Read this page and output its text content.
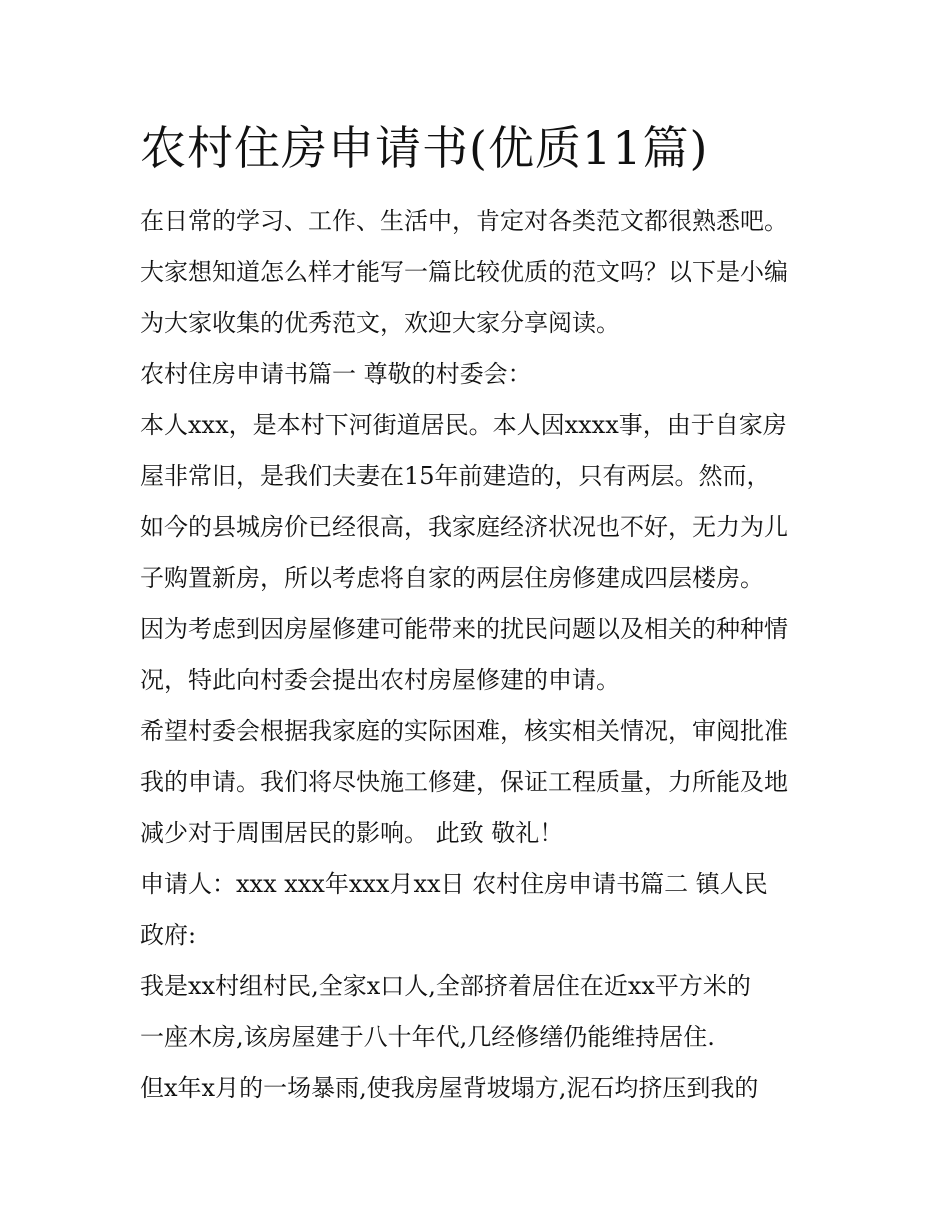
农村住房申请书(优质11篇)
在日常的学习、工作、生活中，肯定对各类范文都很熟悉吧。
大家想知道怎么样才能写一篇比较优质的范文吗？以下是小编
为大家收集的优秀范文，欢迎大家分享阅读。
农村住房申请书篇一 尊敬的村委会：
本人xxx，是本村下河街道居民。本人因xxxx事，由于自家房
屋非常旧，是我们夫妻在15年前建造的，只有两层。然而，
如今的县城房价已经很高，我家庭经济状况也不好，无力为儿
子购置新房，所以考虑将自家的两层住房修建成四层楼房。
因为考虑到因房屋修建可能带来的扰民问题以及相关的种种情
况，特此向村委会提出农村房屋修建的申请。
希望村委会根据我家庭的实际困难，核实相关情况，审阅批准
我的申请。我们将尽快施工修建，保证工程质量，力所能及地
减少对于周围居民的影响。 此致 敬礼！
申请人：xxx xxx年xxx月xx日 农村住房申请书篇二 镇人民
政府:
我是xx村组村民,全家x口人,全部挤着居住在近xx平方米的
一座木房,该房屋建于八十年代,几经修缮仍能维持居住.
但x年x月的一场暴雨,使我房屋背坡塌方,泥石均挤压到我的
